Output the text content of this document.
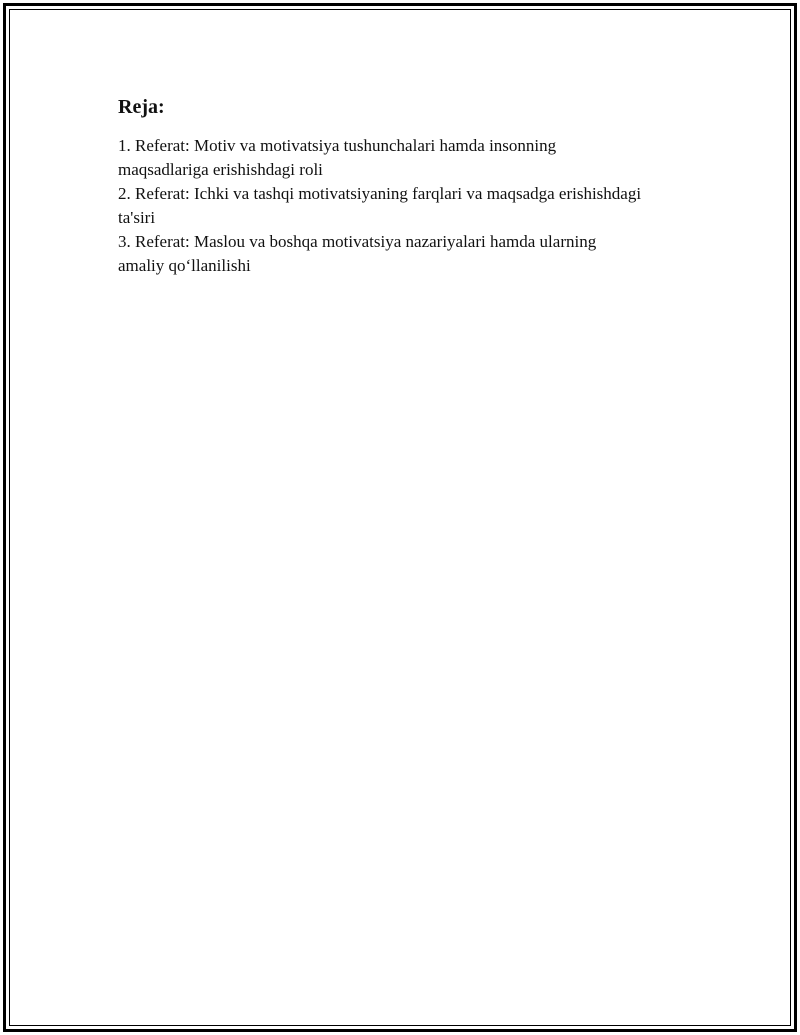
Reja:
1. Referat: Motiv va motivatsiya tushunchalari hamda insonning
maqsadlariga erishishdagi roli
2. Referat: Ichki va tashqi motivatsiyaning farqlari va maqsadga erishishdagi
ta'siri
3. Referat: Maslou va boshqa motivatsiya nazariyalari hamda ularning
amaliy qo‘llanilishi
